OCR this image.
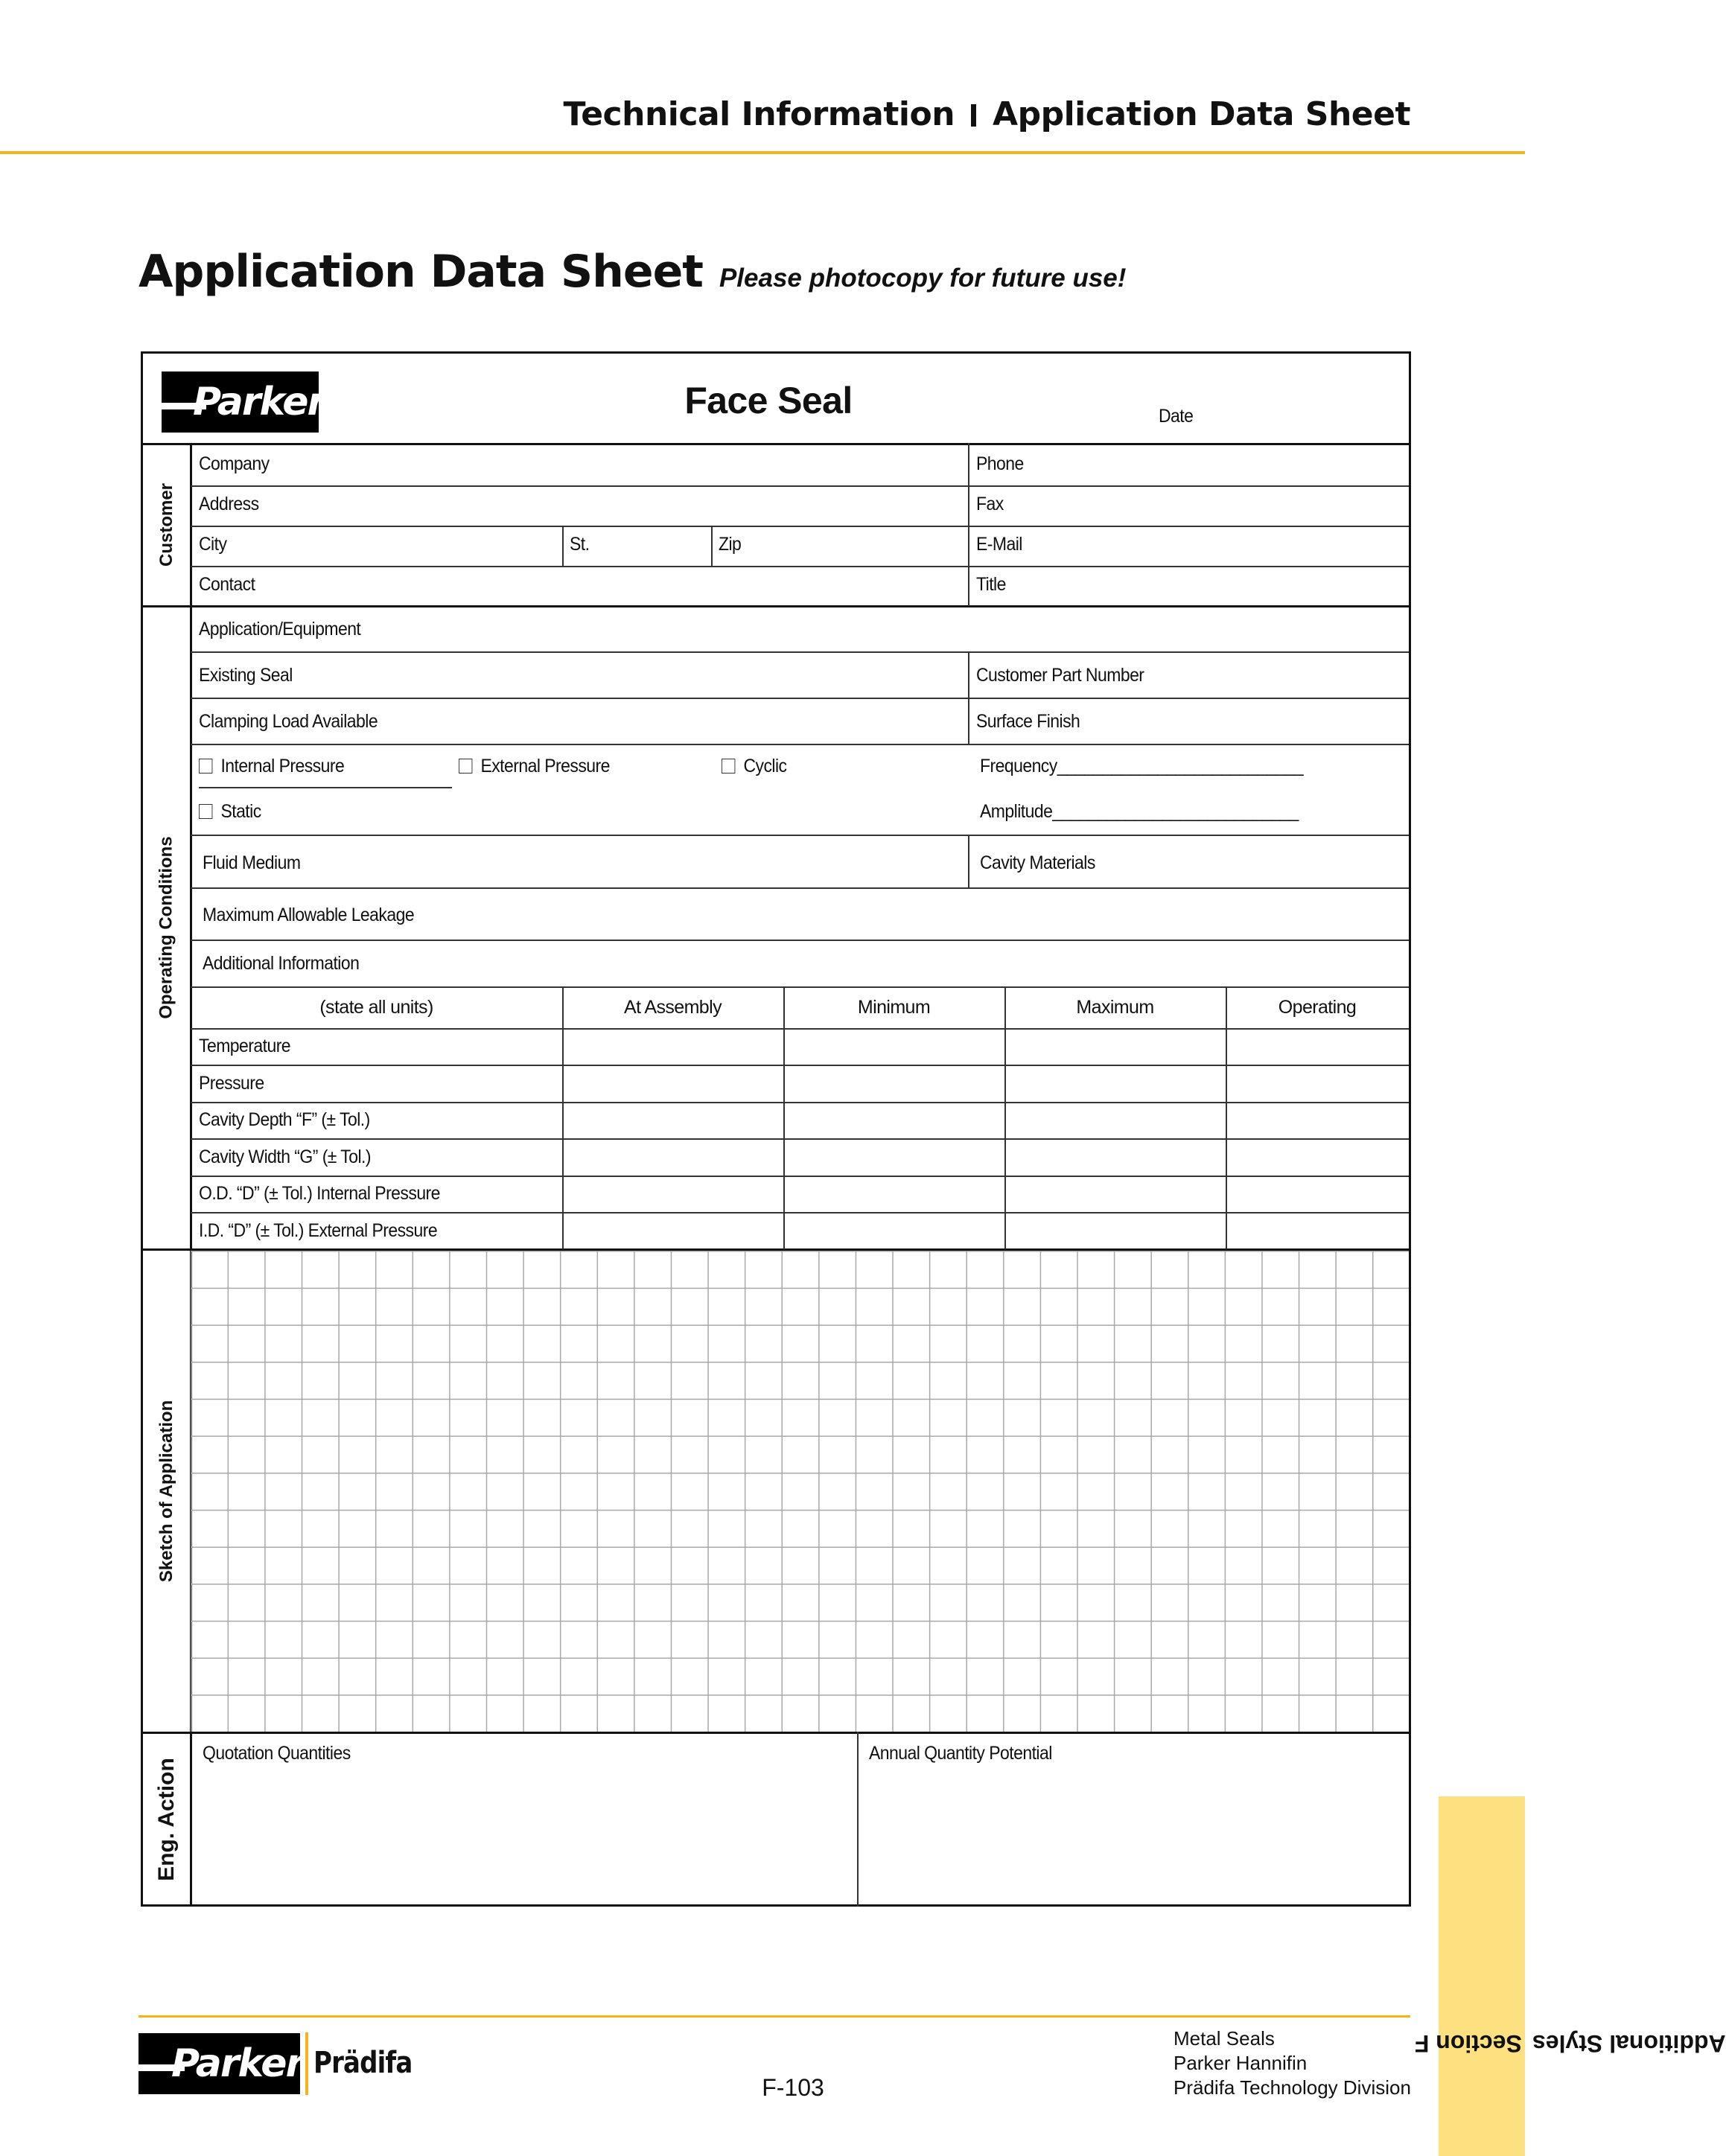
Technical Information Application Data Sheet
Application Data Sheet Please photocopy for future use!
Parker	Face Seal	Date
Customer
Operating Conditions
Sketch of Application
Eng. Action
Company	Phone
Address	Fax
City	St.	Zip	E-Mail
Contact	Title
Application/Equipment
Existing Seal	Customer Part Number
Clamping Load Available	Surface Finish
Internal Pressure	External Pressure	Cyclic	Frequency___________________________
Static	Amplitude___________________________
Fluid Medium	Cavity Materials
Maximum Allowable Leakage
Additional Information
(state all units)	At Assembly	Minimum	Maximum	Operating
Temperature
Pressure
Cavity Depth “F” (± Tol.)
Cavity Width “G” (± Tol.)
O.D. “D” (± Tol.) Internal Pressure
I.D. “D” (± Tol.) External Pressure
Quotation Quantities	Annual Quantity Potential
Parker Prädifa
F-103
Metal Seals
Parker Hannifin
Prädifa Technology Division
Section F Additional Styles
